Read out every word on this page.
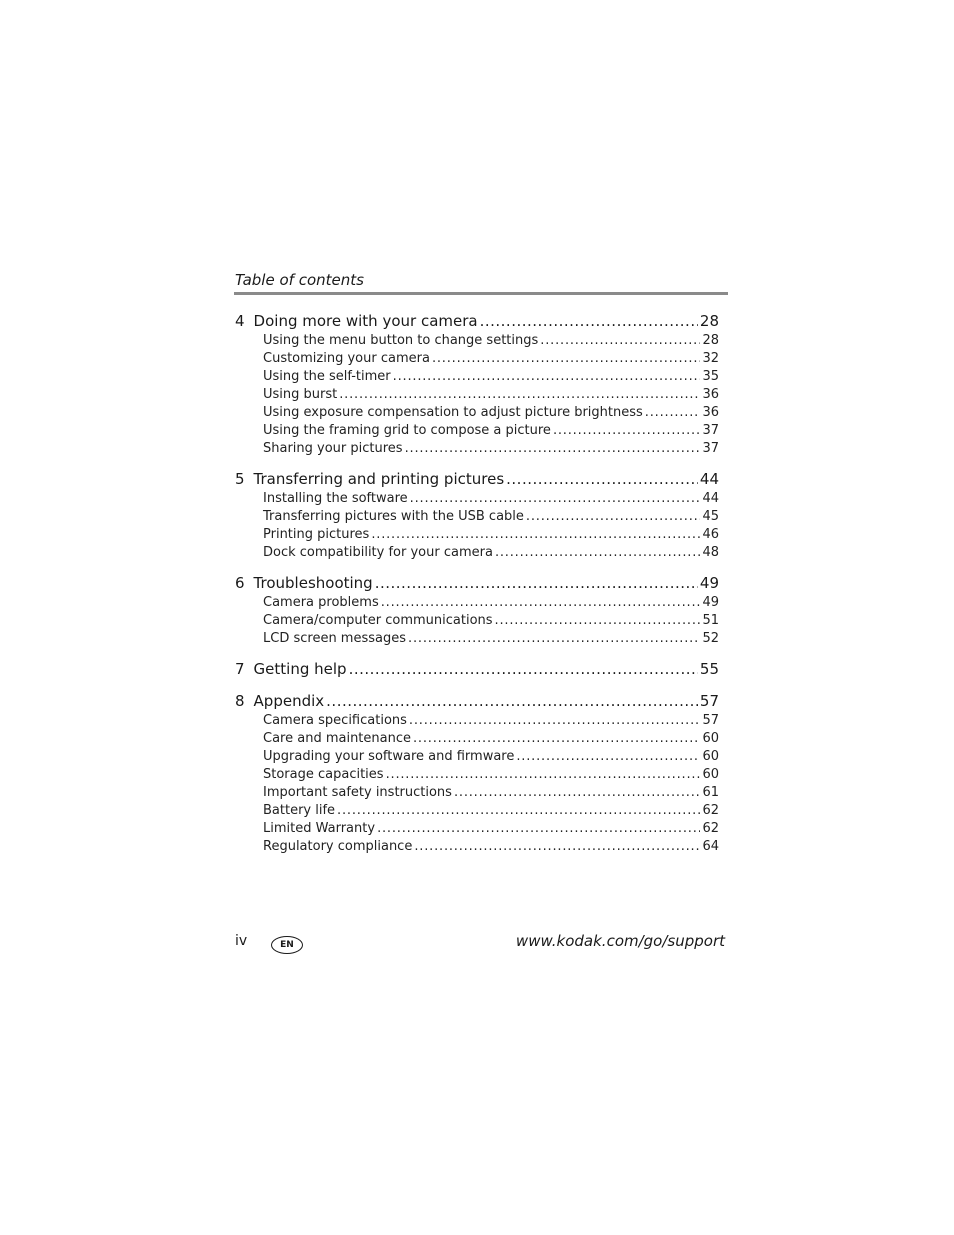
Table of contents
4 Doing more with your camera .....	28
Using the menu button to change settings .....	28
Customizing your camera .....	32
Using the self-timer .....	35
Using burst .....	36
Using exposure compensation to adjust picture brightness .....	36
Using the framing grid to compose a picture .....	37
Sharing your pictures .....	37
5 Transferring and printing pictures .....	44
Installing the software .....	44
Transferring pictures with the USB cable .....	45
Printing pictures .....	46
Dock compatibility for your camera .....	48
6 Troubleshooting .....	49
Camera problems .....	49
Camera/computer communications .....	51
LCD screen messages .....	52
7 Getting help .....	55
8 Appendix .....	57
Camera specifications .....	57
Care and maintenance .....	60
Upgrading your software and firmware .....	60
Storage capacities .....	60
Important safety instructions .....	61
Battery life .....	62
Limited Warranty .....	62
Regulatory compliance .....	64
iv	EN	www.kodak.com/go/support
